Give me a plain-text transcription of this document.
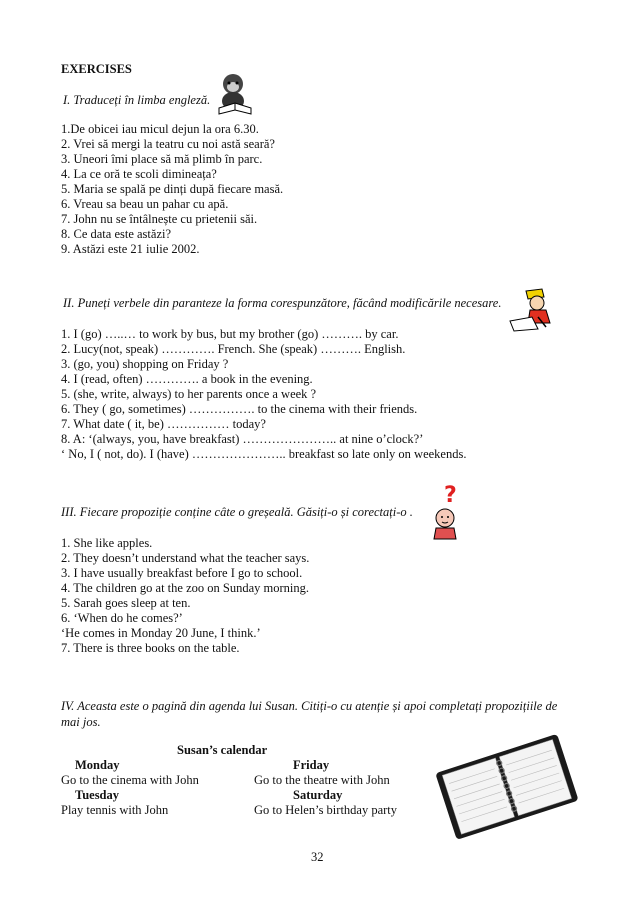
EXERCISES
I. Traduceți în limba engleză.
1.De obicei iau micul dejun la ora 6.30.
2. Vrei să mergi la teatru cu noi astă seară?
3. Uneori îmi place să mă plimb în parc.
4. La ce oră te scoli dimineața?
5. Maria se spală pe dinți după fiecare masă.
6. Vreau sa beau un pahar cu apă.
7. John nu se întâlnește cu prietenii săi.
8. Ce data este astăzi?
9. Astăzi este 21 iulie 2002.
II. Puneți verbele din paranteze la forma corespunzătore, făcând modificările necesare.
1. I (go) …..… to work by bus, but my brother (go) ………. by car.
2. Lucy(not, speak) …………. French. She (speak) ………. English.
3. (go, you) shopping on Friday ?
4. I (read, often) …………. a book in the evening.
5. (she, write, always) to her parents once a week ?
6. They ( go, sometimes) ……………. to the cinema with their friends.
7. What date ( it, be) …………… today?
8. A: ‘(always, you, have breakfast) ………………….. at nine o’clock?’
‘ No, I ( not, do). I (have) ………………….. breakfast so late only on weekends.
III. Fiecare propoziție conține câte o greșeală. Găsiți-o și corectați-o .
?
1. She like apples.
2. They doesn’t understand what the teacher says.
3. I have usually breakfast before I go to school.
4. The children go at the zoo on Sunday morning.
5. Sarah goes sleep at ten.
6. ‘When do he comes?’
‘He comes in Monday 20 June, I think.’
7. There is three books on the table.
IV. Aceasta este o pagină din agenda lui Susan. Citiți-o cu atenție și apoi completați propozițiile de
mai jos.
Susan’s calendar
Monday
Go to the cinema with John
Tuesday
Play tennis with John
Friday
Go to the theatre with John
Saturday
Go to Helen’s birthday party
32
